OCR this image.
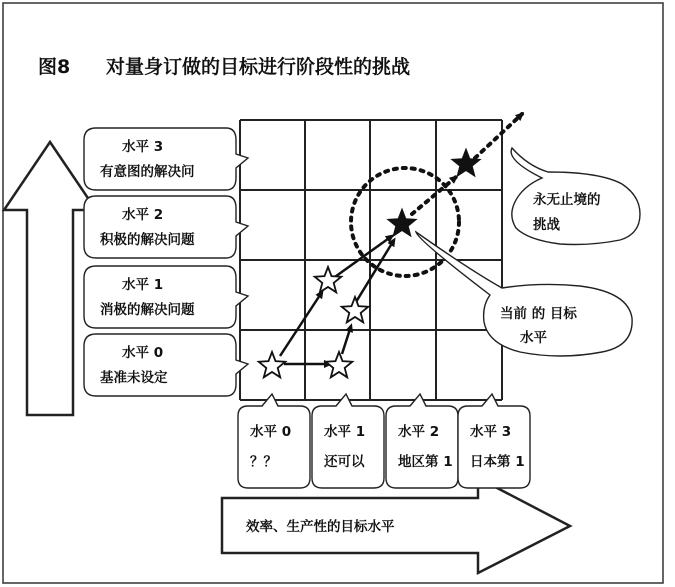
图8 对量身订做的目标进行阶段性的挑战
效率、生产性的目标水平
水平 3
有意图的解决问
水平 2
积极的解决问题
水平 1
消极的解决问题
水平 0
基准未设定
水平 0
？？
水平 1
还可以
水平 2
地区第 1
水平 3
日本第 1
永无止境的
挑战
当前 的 目标
水平
